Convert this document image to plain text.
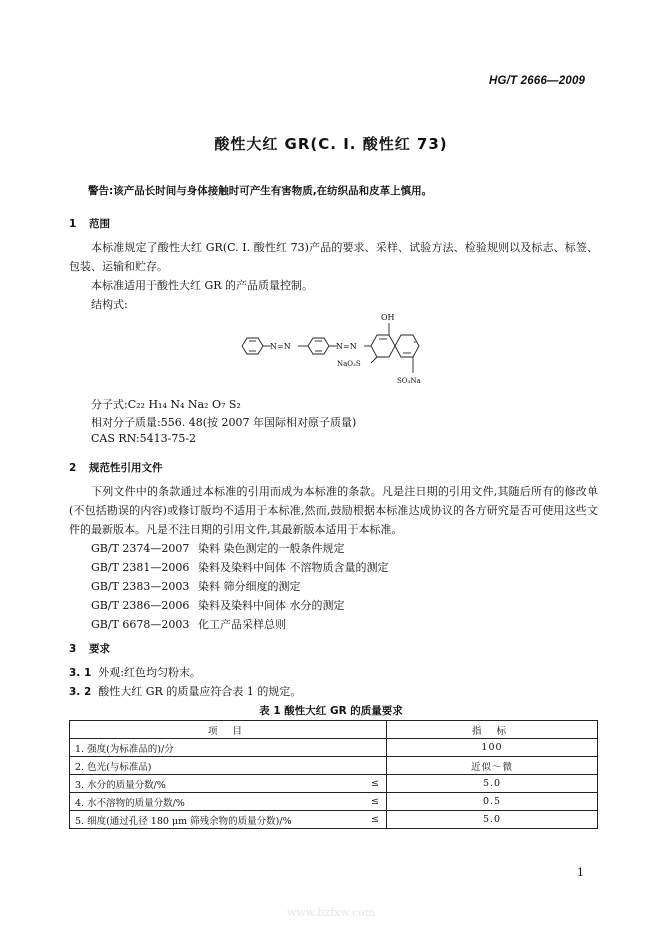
HG/T 2666—2009
酸性大红 GR(C. I. 酸性红 73)
警告:该产品长时间与身体接触时可产生有害物质,在纺织品和皮革上慎用。
1 范围
本标准规定了酸性大红 GR(C. I. 酸性红 73)产品的要求、采样、试验方法、检验规则以及标志、标签、包装、运输和贮存。
本标准适用于酸性大红 GR 的产品质量控制。
结构式:
N =N	N =N
OH
NaO₃S
SO₃Na
分子式:C₂₂ H₁₄ N₄ Na₂ O₇ S₂
相对分子质量:556. 48(按 2007 年国际相对原子质量)
CAS RN:5413-75-2
2 规范性引用文件
下列文件中的条款通过本标准的引用而成为本标准的条款。凡是注日期的引用文件,其随后所有的修改单(不包括勘误的内容)或修订版均不适用于本标准,然而,鼓励根据本标准达成协议的各方研究是否可使用这些文件的最新版本。凡是不注日期的引用文件,其最新版本适用于本标准。
GB/T 2374—2007 染料 染色测定的一般条件规定
GB/T 2381—2006 染料及染料中间体 不溶物质含量的测定
GB/T 2383—2003 染料 筛分细度的测定
GB/T 2386—2006 染料及染料中间体 水分的测定
GB/T 6678—2003 化工产品采样总则
3 要求
3. 1 外观:红色均匀粉末。
3. 2 酸性大红 GR 的质量应符合表 1 的规定。
表 1 酸性大红 GR 的质量要求
项 目		指 标
1. 强度(为标准品的)/分		100
2. 色光(与标准品)		近似～微
3. 水分的质量分数/%	≤	5.0
4. 水不溶物的质量分数/%	≤	0.5
5. 细度(通过孔径 180 μm 筛残余物的质量分数)/%	≤	5.0
1
www.bzfxw.com
